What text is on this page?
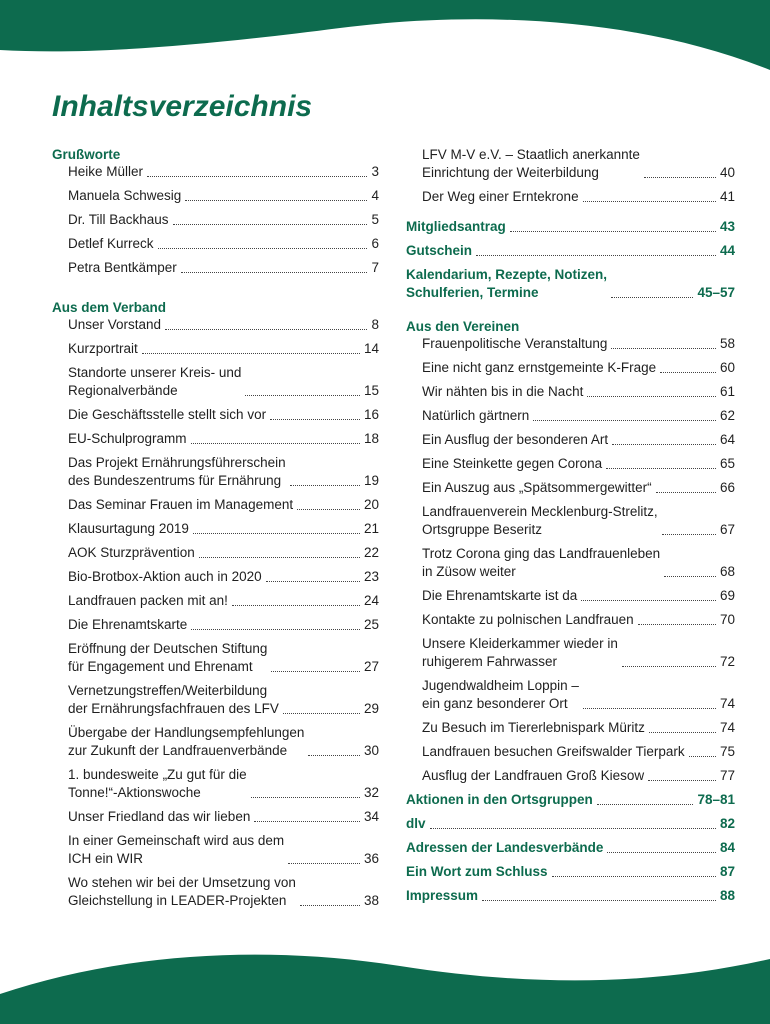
Inhaltsverzeichnis
Grußworte
Heike Müller	3
Manuela Schwesig	4
Dr. Till Backhaus	5
Detlef Kurreck	6
Petra Bentkämper	7
Aus dem Verband
Unser Vorstand	8
Kurzportrait	14
Standorte unserer Kreis- und
Regionalverbände	15
Die Geschäftsstelle stellt sich vor	16
EU-Schulprogramm	18
Das Projekt Ernährungsführerschein
des Bundeszentrums für Ernährung	19
Das Seminar Frauen im Management	20
Klausurtagung 2019	21
AOK Sturzprävention	22
Bio-Brotbox-Aktion auch in 2020	23
Landfrauen packen mit an!	24
Die Ehrenamtskarte	25
Eröffnung der Deutschen Stiftung
für Engagement und Ehrenamt	27
Vernetzungstreffen/Weiterbildung
der Ernährungsfachfrauen des LFV	29
Übergabe der Handlungsempfehlungen
zur Zukunft der Landfrauenverbände	30
1. bundesweite „Zu gut für die
Tonne!“-Aktionswoche	32
Unser Friedland das wir lieben	34
In einer Gemeinschaft wird aus dem
ICH ein WIR	36
Wo stehen wir bei der Umsetzung von
Gleichstellung in LEADER-Projekten	38
LFV M-V e.V. – Staatlich anerkannte
Einrichtung der Weiterbildung	40
Der Weg einer Erntekrone	41
Mitgliedsantrag	43
Gutschein	44
Kalendarium, Rezepte, Notizen,
Schulferien, Termine	45–57
Aus den Vereinen
Frauenpolitische Veranstaltung	58
Eine nicht ganz ernstgemeinte K-Frage	60
Wir nähten bis in die Nacht	61
Natürlich gärtnern	62
Ein Ausflug der besonderen Art	64
Eine Steinkette gegen Corona	65
Ein Auszug aus „Spätsommergewitter“	66
Landfrauenverein Mecklenburg-Strelitz,
Ortsgruppe Beseritz	67
Trotz Corona ging das Landfrauenleben
in Züsow weiter	68
Die Ehrenamtskarte ist da	69
Kontakte zu polnischen Landfrauen	70
Unsere Kleiderkammer wieder in
ruhigerem Fahrwasser	72
Jugendwaldheim Loppin –
ein ganz besonderer Ort	74
Zu Besuch im Tiererlebnispark Müritz	74
Landfrauen besuchen Greifswalder Tierpark	75
Ausflug der Landfrauen Groß Kiesow	77
Aktionen in den Ortsgruppen	78–81
dlv	82
Adressen der Landesverbände	84
Ein Wort zum Schluss	87
Impressum	88
